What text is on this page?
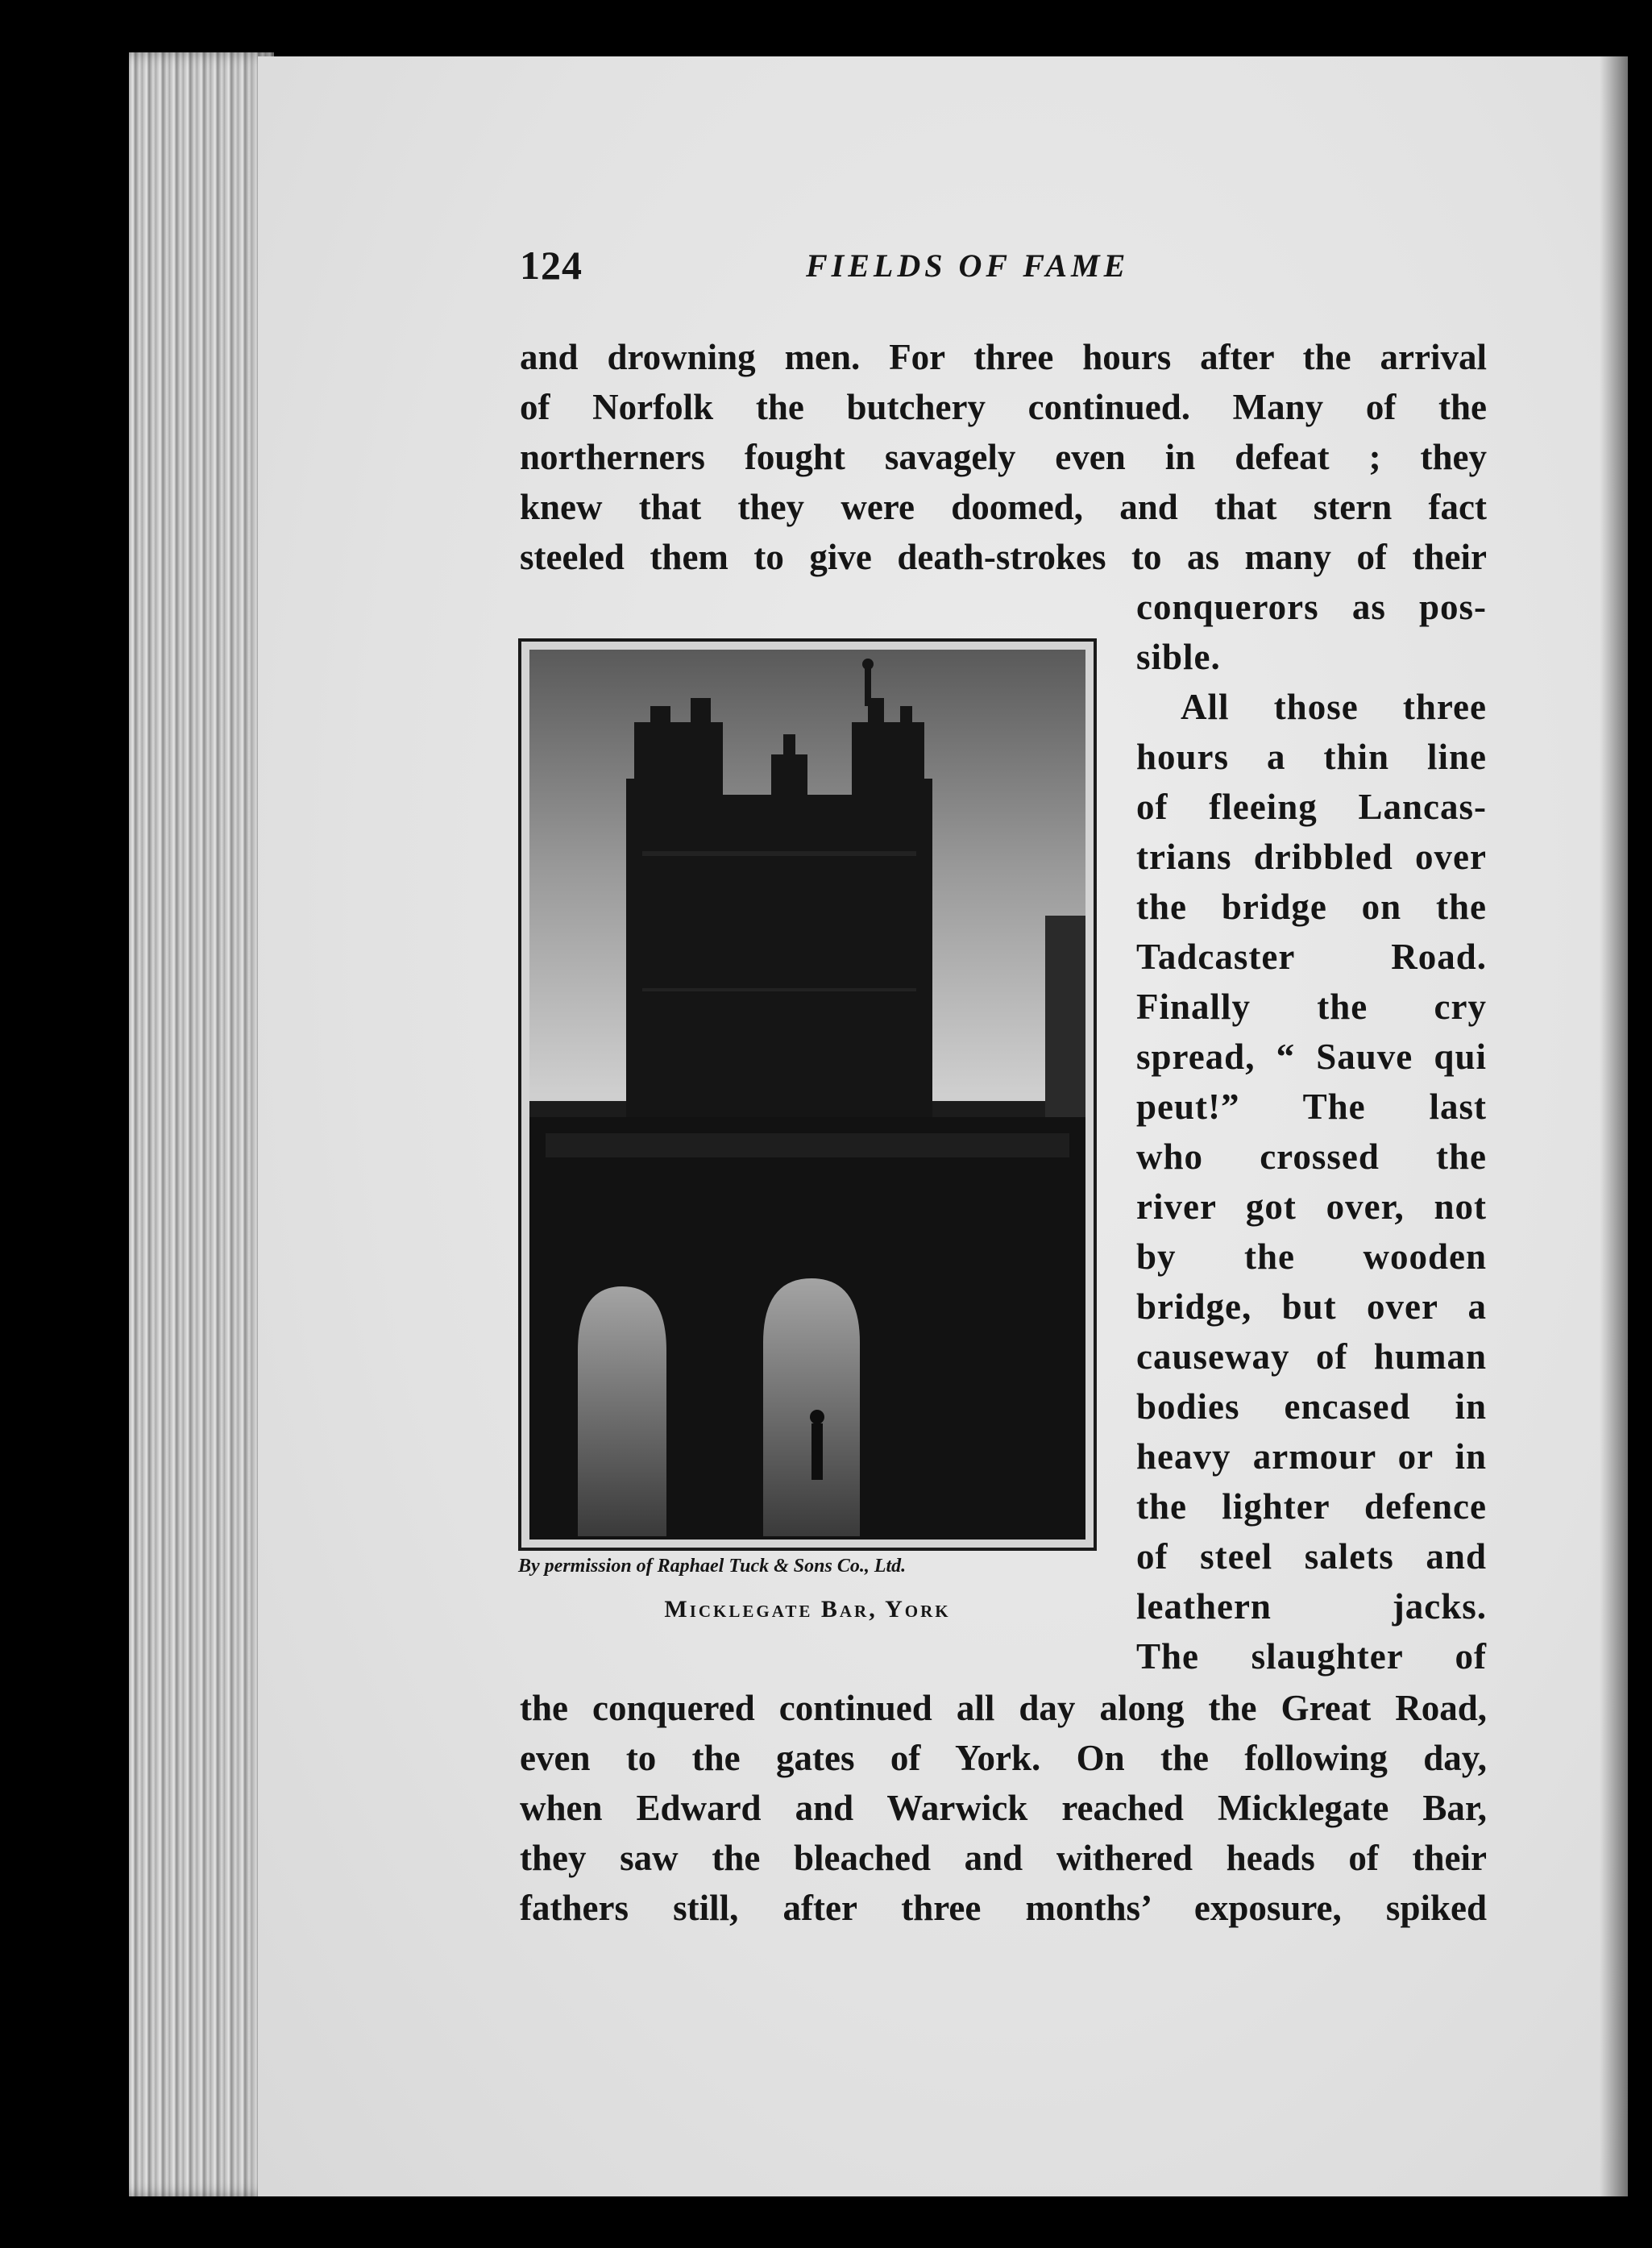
124	FIELDS OF FAME

and drowning men. For three hours after the arrival

of Norfolk the butchery continued. Many of the

northerners fought savagely even in defeat ; they

knew that they were doomed, and that stern fact

steeled them to give death-strokes to as many of their

conquerors as pos-

sible.

All those three

hours a thin line

of fleeing Lancas-

trians dribbled over

the bridge on the

Tadcaster Road.

Finally the cry

spread, “ Sauve qui

peut!” The last

who crossed the

river got over, not

by the wooden

bridge, but over a

causeway of human

bodies encased in

heavy armour or in

the lighter defence

of steel salets and

leathern jacks.

The slaughter of

By permission of Raphael Tuck & Sons Co., Ltd.
Micklegate Bar, York

the conquered continued all day along the Great Road,

even to the gates of York. On the following day,

when Edward and Warwick reached Micklegate Bar,

they saw the bleached and withered heads of their

fathers still, after three months’ exposure, spiked
